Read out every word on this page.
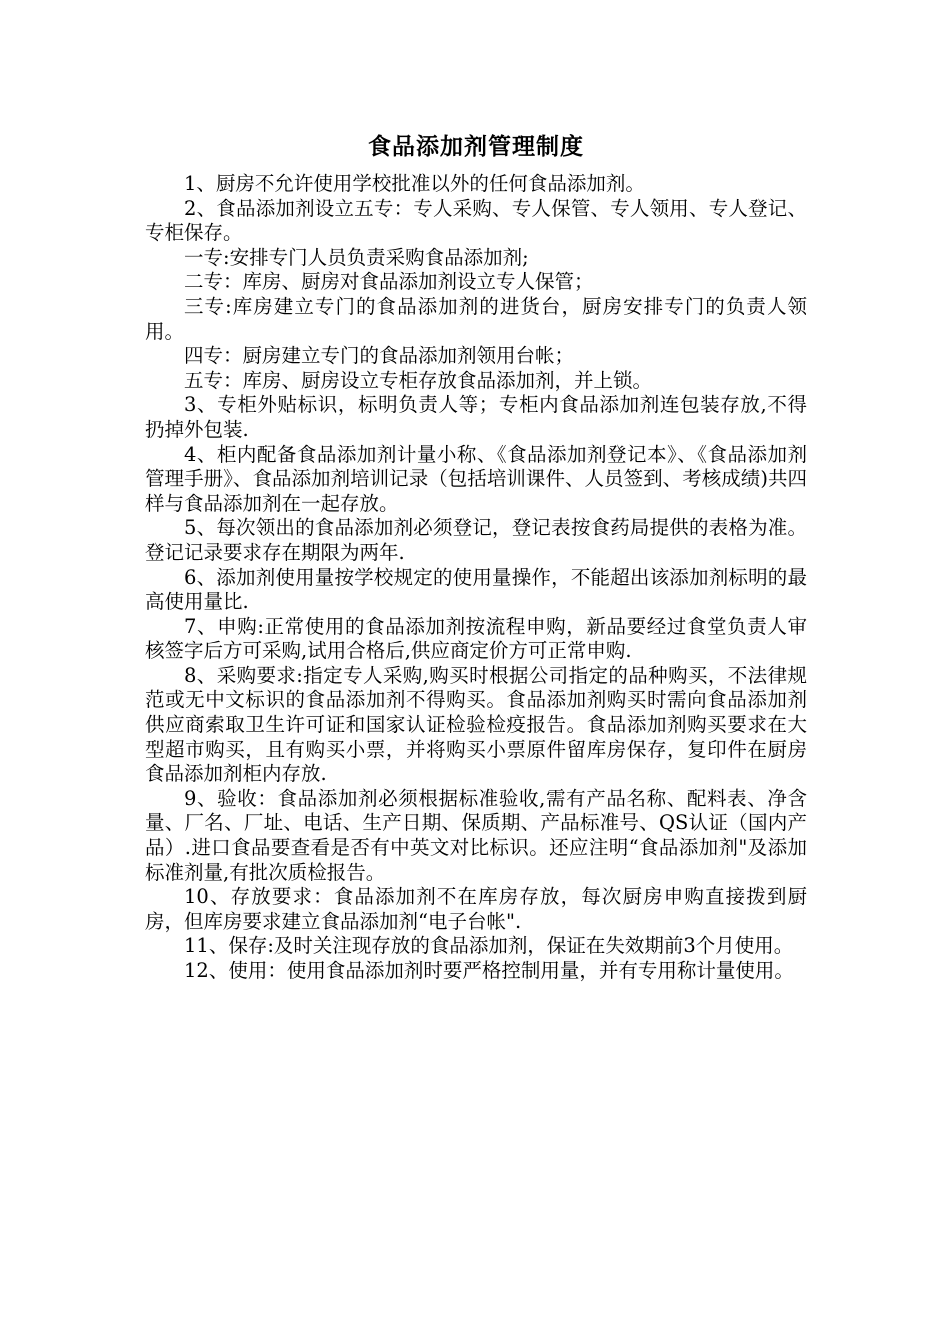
食品添加剂管理制度

1、厨房不允许使用学校批准以外的任何食品添加剂。

2、食品添加剂设立五专：专人采购、专人保管、专人领用、专人登记、专柜保存。

一专:安排专门人员负责采购食品添加剂;

二专：库房、厨房对食品添加剂设立专人保管；

三专:库房建立专门的食品添加剂的进货台，厨房安排专门的负责人领用。

四专：厨房建立专门的食品添加剂领用台帐；

五专：库房、厨房设立专柜存放食品添加剂，并上锁。

3、专柜外贴标识，标明负责人等；专柜内食品添加剂连包装存放,不得扔掉外包装.

4、柜内配备食品添加剂计量小称、《食品添加剂登记本》、《食品添加剂管理手册》、食品添加剂培训记录（包括培训课件、人员签到、考核成绩)共四样与食品添加剂在一起存放。

5、每次领出的食品添加剂必须登记，登记表按食药局提供的表格为准。登记记录要求存在期限为两年.

6、添加剂使用量按学校规定的使用量操作，不能超出该添加剂标明的最高使用量比.

7、申购:正常使用的食品添加剂按流程申购，新品要经过食堂负责人审核签字后方可采购,试用合格后,供应商定价方可正常申购.

8、采购要求:指定专人采购,购买时根据公司指定的品种购买，不法律规范或无中文标识的食品添加剂不得购买。食品添加剂购买时需向食品添加剂供应商索取卫生许可证和国家认证检验检疫报告。食品添加剂购买要求在大型超市购买，且有购买小票，并将购买小票原件留库房保存，复印件在厨房食品添加剂柜内存放.

9、验收：食品添加剂必须根据标准验收,需有产品名称、配料表、净含量、厂名、厂址、电话、生产日期、保质期、产品标准号、QS认证（国内产品）.进口食品要查看是否有中英文对比标识。还应注明“食品添加剂"及添加标准剂量,有批次质检报告。

10、存放要求：食品添加剂不在库房存放，每次厨房申购直接拨到厨房，但库房要求建立食品添加剂“电子台帐".

11、保存:及时关注现存放的食品添加剂，保证在失效期前3个月使用。

12、使用：使用食品添加剂时要严格控制用量，并有专用称计量使用。
